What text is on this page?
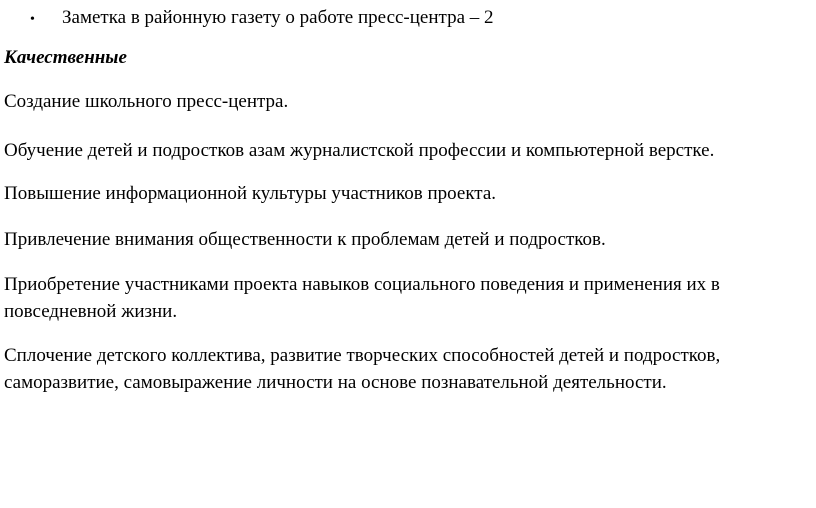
• Заметка в районную газету о работе пресс-центра – 2
Качественные

Создание школьного пресс-центра.

Обучение детей и подростков азам журналистской профессии и компьютерной верстке.

Повышение информационной культуры участников проекта.

Привлечение внимания общественности к проблемам детей и подростков.

Приобретение участниками проекта навыков социального поведения и применения их в повседневной жизни.

Сплочение детского коллектива, развитие творческих способностей детей и подростков, саморазвитие, самовыражение личности на основе познавательной деятельности.
